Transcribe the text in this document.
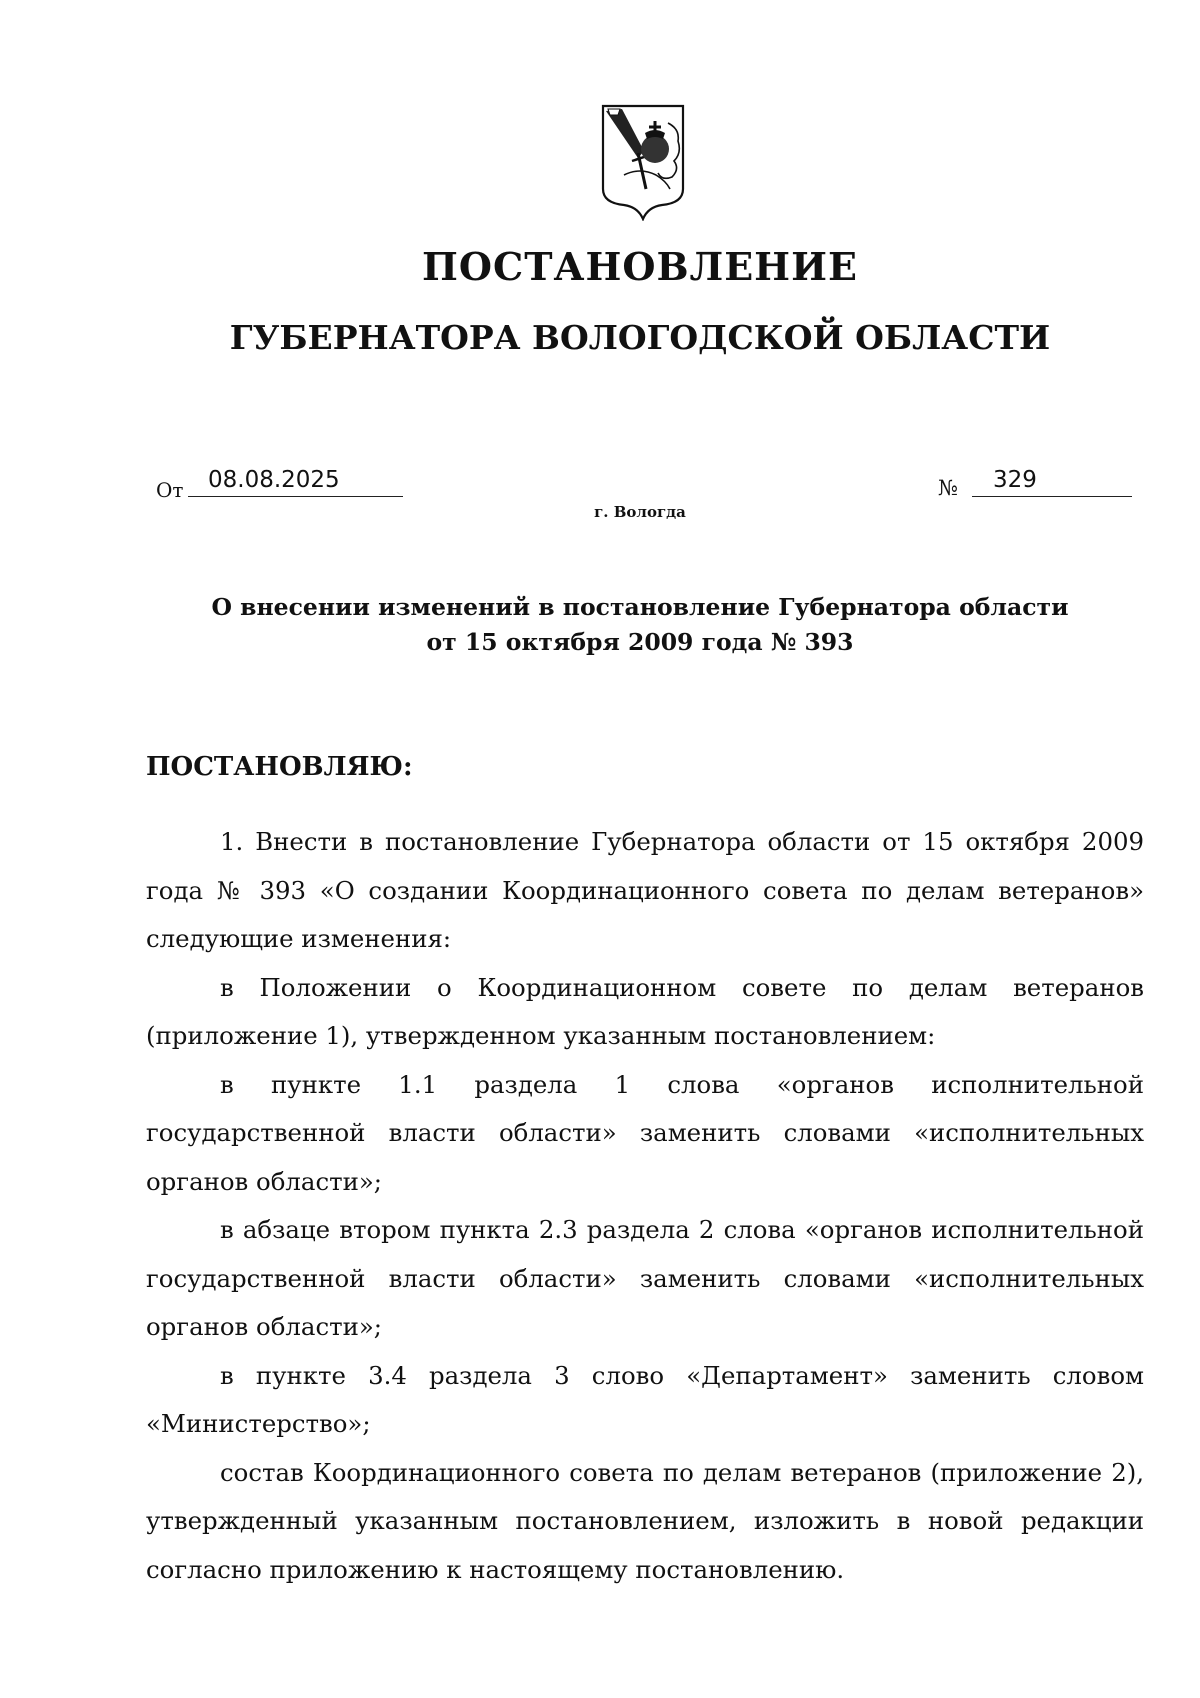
ПОСТАНОВЛЕНИЕ
ГУБЕРНАТОРА ВОЛОГОДСКОЙ ОБЛАСТИ
От	08.08.2025	№	329
г. Вологда
О внесении изменений в постановление Губернатора области
от 15 октября 2009 года № 393
ПОСТАНОВЛЯЮ:

1. Внести в постановление Губернатора области от 15 октября 2009 года № 393 «О создании Координационного совета по делам ветеранов» следующие изменения:

в Положении о Координационном совете по делам ветеранов (приложение 1), утвержденном указанным постановлением:

в пункте 1.1 раздела 1 слова «органов исполнительной государственной власти области» заменить словами «исполнительных органов области»;

в абзаце втором пункта 2.3 раздела 2 слова «органов исполнительной государственной власти области» заменить словами «исполнительных органов области»;

в пункте 3.4 раздела 3 слово «Департамент» заменить словом «Министерство»;

состав Координационного совета по делам ветеранов (приложение 2), утвержденный указанным постановлением, изложить в новой редакции согласно приложению к настоящему постановлению.
